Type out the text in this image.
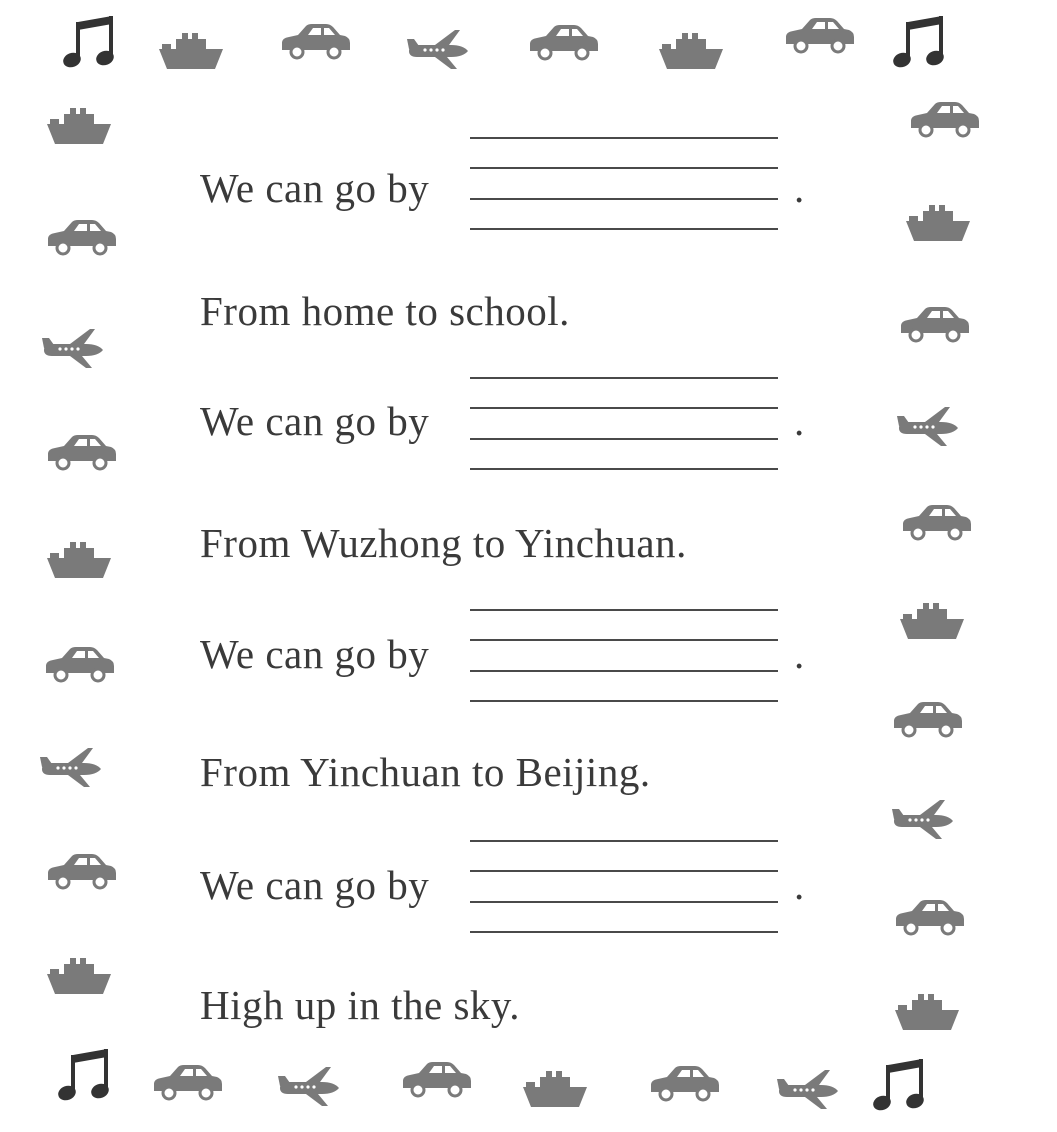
We can go by	.
From home to school.
We can go by	.
From Wuzhong to Yinchuan.
We can go by	.
From Yinchuan to Beijing.
We can go by	.
High up in the sky.
